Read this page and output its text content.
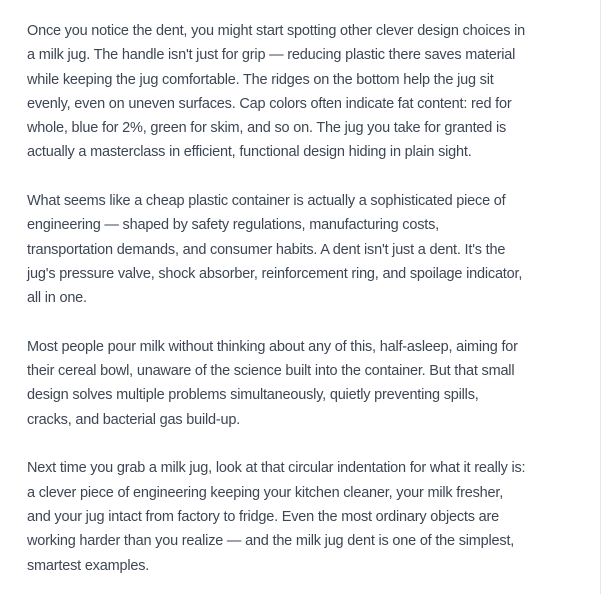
Once you notice the dent, you might start spotting other clever design choices in
a milk jug. The handle isn't just for grip — reducing plastic there saves material
while keeping the jug comfortable. The ridges on the bottom help the jug sit
evenly, even on uneven surfaces. Cap colors often indicate fat content: red for
whole, blue for 2%, green for skim, and so on. The jug you take for granted is
actually a masterclass in efficient, functional design hiding in plain sight.

What seems like a cheap plastic container is actually a sophisticated piece of
engineering — shaped by safety regulations, manufacturing costs,
transportation demands, and consumer habits. A dent isn't just a dent. It's the
jug's pressure valve, shock absorber, reinforcement ring, and spoilage indicator,
all in one.

Most people pour milk without thinking about any of this, half-asleep, aiming for
their cereal bowl, unaware of the science built into the container. But that small
design solves multiple problems simultaneously, quietly preventing spills,
cracks, and bacterial gas build-up.

Next time you grab a milk jug, look at that circular indentation for what it really is:
a clever piece of engineering keeping your kitchen cleaner, your milk fresher,
and your jug intact from factory to fridge. Even the most ordinary objects are
working harder than you realize — and the milk jug dent is one of the simplest,
smartest examples.
